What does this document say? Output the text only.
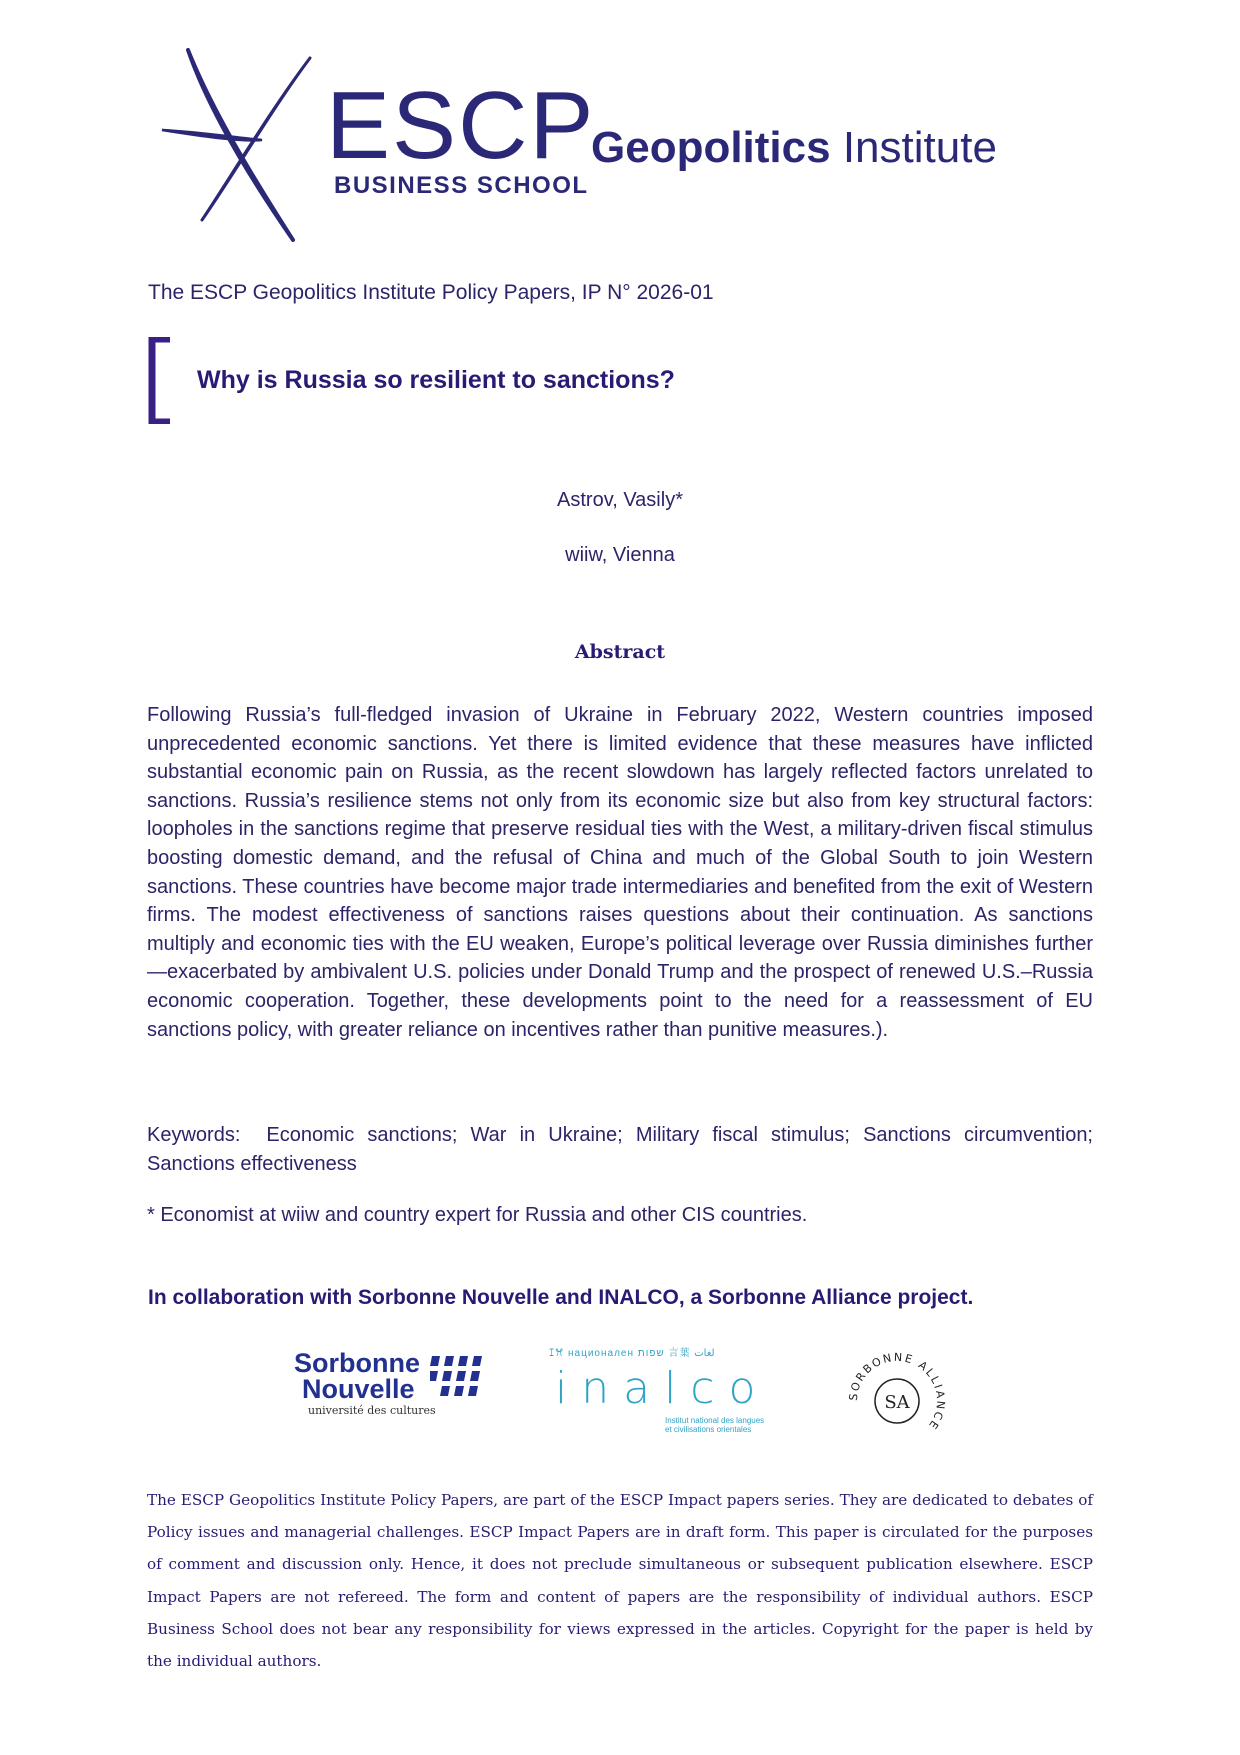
ESCP
BUSINESS SCHOOL
Geopolitics Institute
The ESCP Geopolitics Institute Policy Papers, IP N° 2026-01
Why is Russia so resilient to sanctions?
Astrov, Vasily*
wiiw, Vienna
Abstract
Following Russia’s full-fledged invasion of Ukraine in February 2022, Western countries imposed unprecedented economic sanctions. Yet there is limited evidence that these measures have inflicted substantial economic pain on Russia, as the recent slowdown has largely reflected factors unrelated to sanctions. Russia’s resilience stems not only from its economic size but also from key structural factors: loopholes in the sanctions regime that preserve residual ties with the West, a military-driven fiscal stimulus boosting domestic demand, and the refusal of China and much of the Global South to join Western sanctions. These countries have become major trade intermediaries and benefited from the exit of Western firms. The modest effectiveness of sanctions raises questions about their continuation. As sanctions multiply and economic ties with the EU weaken, Europe’s political leverage over Russia diminishes further—exacerbated by ambivalent U.S. policies under Donald Trump and the prospect of renewed U.S.–Russia economic cooperation. Together, these developments point to the need for a reassessment of EU sanctions policy, with greater reliance on incentives rather than punitive measures.).
Keywords: Economic sanctions; War in Ukraine; Military fiscal stimulus; Sanctions circumvention; Sanctions effectiveness
* Economist at wiiw and country expert for Russia and other CIS countries.
In collaboration with Sorbonne Nouvelle and INALCO, a Sorbonne Alliance project.
Sorbonne
Nouvelle
université des cultures
ꕯꕮ национален שפות 言葉 لغات
inalco
Institut national des langues et civilisations orientales
SORBONNE ALLIANCE
SA
The ESCP Geopolitics Institute Policy Papers, are part of the ESCP Impact papers series. They are dedicated to debates of Policy issues and managerial challenges. ESCP Impact Papers are in draft form. This paper is circulated for the purposes of comment and discussion only. Hence, it does not preclude simultaneous or subsequent publication elsewhere. ESCP Impact Papers are not refereed. The form and content of papers are the responsibility of individual authors. ESCP Business School does not bear any responsibility for views expressed in the articles. Copyright for the paper is held by the individual authors.
